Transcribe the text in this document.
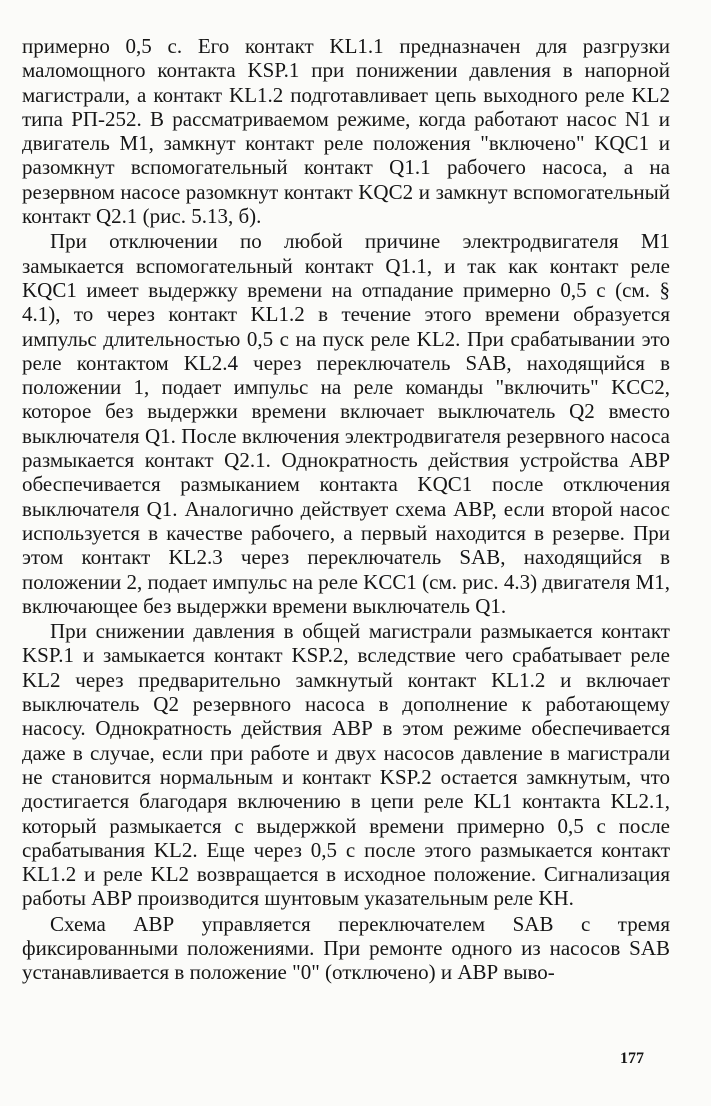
примерно 0,5 с. Его контакт KL1.1 предназначен для разгрузки маломощного контакта KSP.1 при понижении давления в напорной магистрали, а контакт KL1.2 подготавливает цепь выходного реле KL2 типа РП-252. В рассматриваемом режиме, когда работают насос N1 и двигатель M1, замкнут контакт реле положения "включено" KQC1 и разомкнут вспомогательный контакт Q1.1 рабочего насоса, а на резервном насосе разомкнут контакт KQC2 и замкнут вспомогательный контакт Q2.1 (рис. 5.13, б).

При отключении по любой причине электродвигателя M1 замыкается вспомогательный контакт Q1.1, и так как контакт реле KQC1 имеет выдержку времени на отпадание примерно 0,5 с (см. § 4.1), то через контакт KL1.2 в течение этого времени образуется импульс длительностью 0,5 с на пуск реле KL2. При срабатывании это реле контактом KL2.4 через переключатель SAB, находящийся в положении 1, подает импульс на реле команды "включить" KCC2, которое без выдержки времени включает выключатель Q2 вместо выключателя Q1. После включения электродвигателя резервного насоса размыкается контакт Q2.1. Однократность действия устройства АВР обеспечивается размыканием контакта KQC1 после отключения выключателя Q1. Аналогично действует схема АВР, если второй насос используется в качестве рабочего, а первый находится в резерве. При этом контакт KL2.3 через переключатель SAB, находящийся в положении 2, подает импульс на реле KCC1 (см. рис. 4.3) двигателя M1, включающее без выдержки времени выключатель Q1.

При снижении давления в общей магистрали размыкается контакт KSP.1 и замыкается контакт KSP.2, вследствие чего срабатывает реле KL2 через предварительно замкнутый контакт KL1.2 и включает выключатель Q2 резервного насоса в дополнение к работающему насосу. Однократность действия АВР в этом режиме обеспечивается даже в случае, если при работе и двух насосов давление в магистрали не становится нормальным и контакт KSP.2 остается замкнутым, что достигается благодаря включению в цепи реле KL1 контакта KL2.1, который размыкается с выдержкой времени примерно 0,5 с после срабатывания KL2. Еще через 0,5 с после этого размыкается контакт KL1.2 и реле KL2 возвращается в исходное положение. Сигнализация работы АВР производится шунтовым указательным реле KH.

Схема АВР управляется переключателем SAB с тремя фиксированными положениями. При ремонте одного из насосов SAB устанавливается в положение "0" (отключено) и АВР выво-

177
